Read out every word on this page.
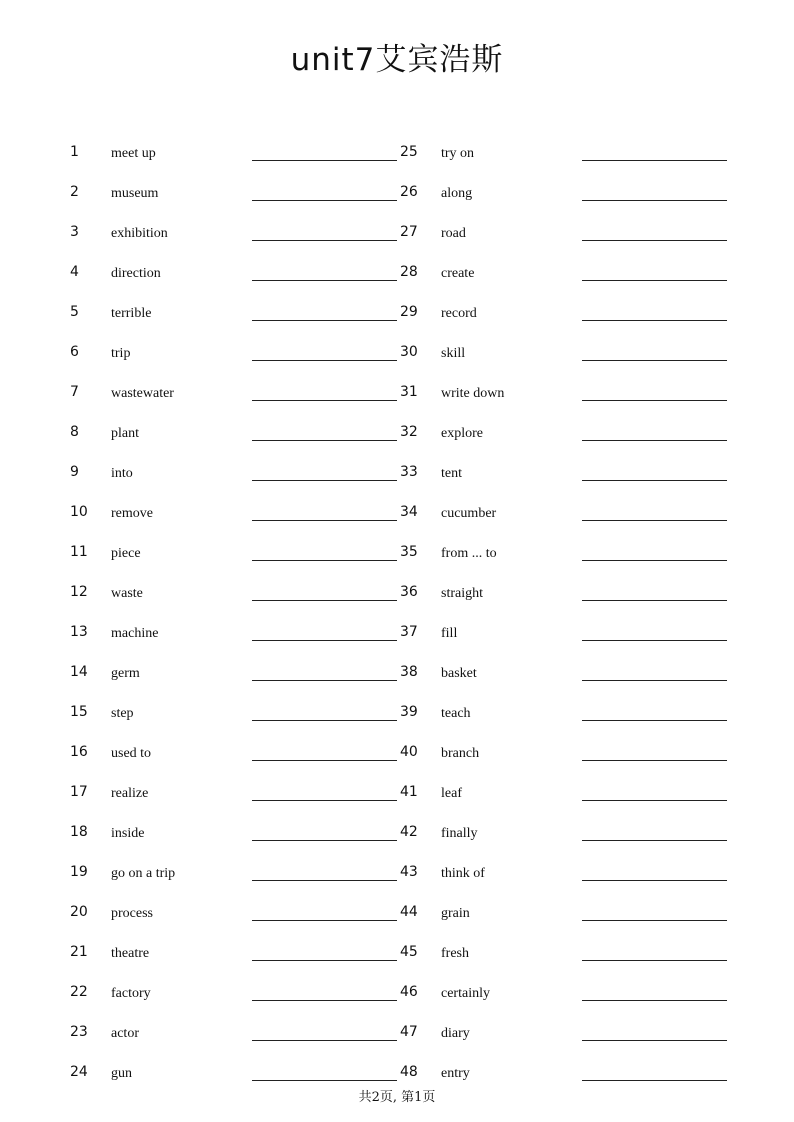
unit7艾宾浩斯
1 meet up
2 museum
3 exhibition
4 direction
5 terrible
6 trip
7 wastewater
8 plant
9 into
10 remove
11 piece
12 waste
13 machine
14 germ
15 step
16 used to
17 realize
18 inside
19 go on a trip
20 process
21 theatre
22 factory
23 actor
24 gun
25 try on
26 along
27 road
28 create
29 record
30 skill
31 write down
32 explore
33 tent
34 cucumber
35 from ... to
36 straight
37 fill
38 basket
39 teach
40 branch
41 leaf
42 finally
43 think of
44 grain
45 fresh
46 certainly
47 diary
48 entry
共2页, 第1页
